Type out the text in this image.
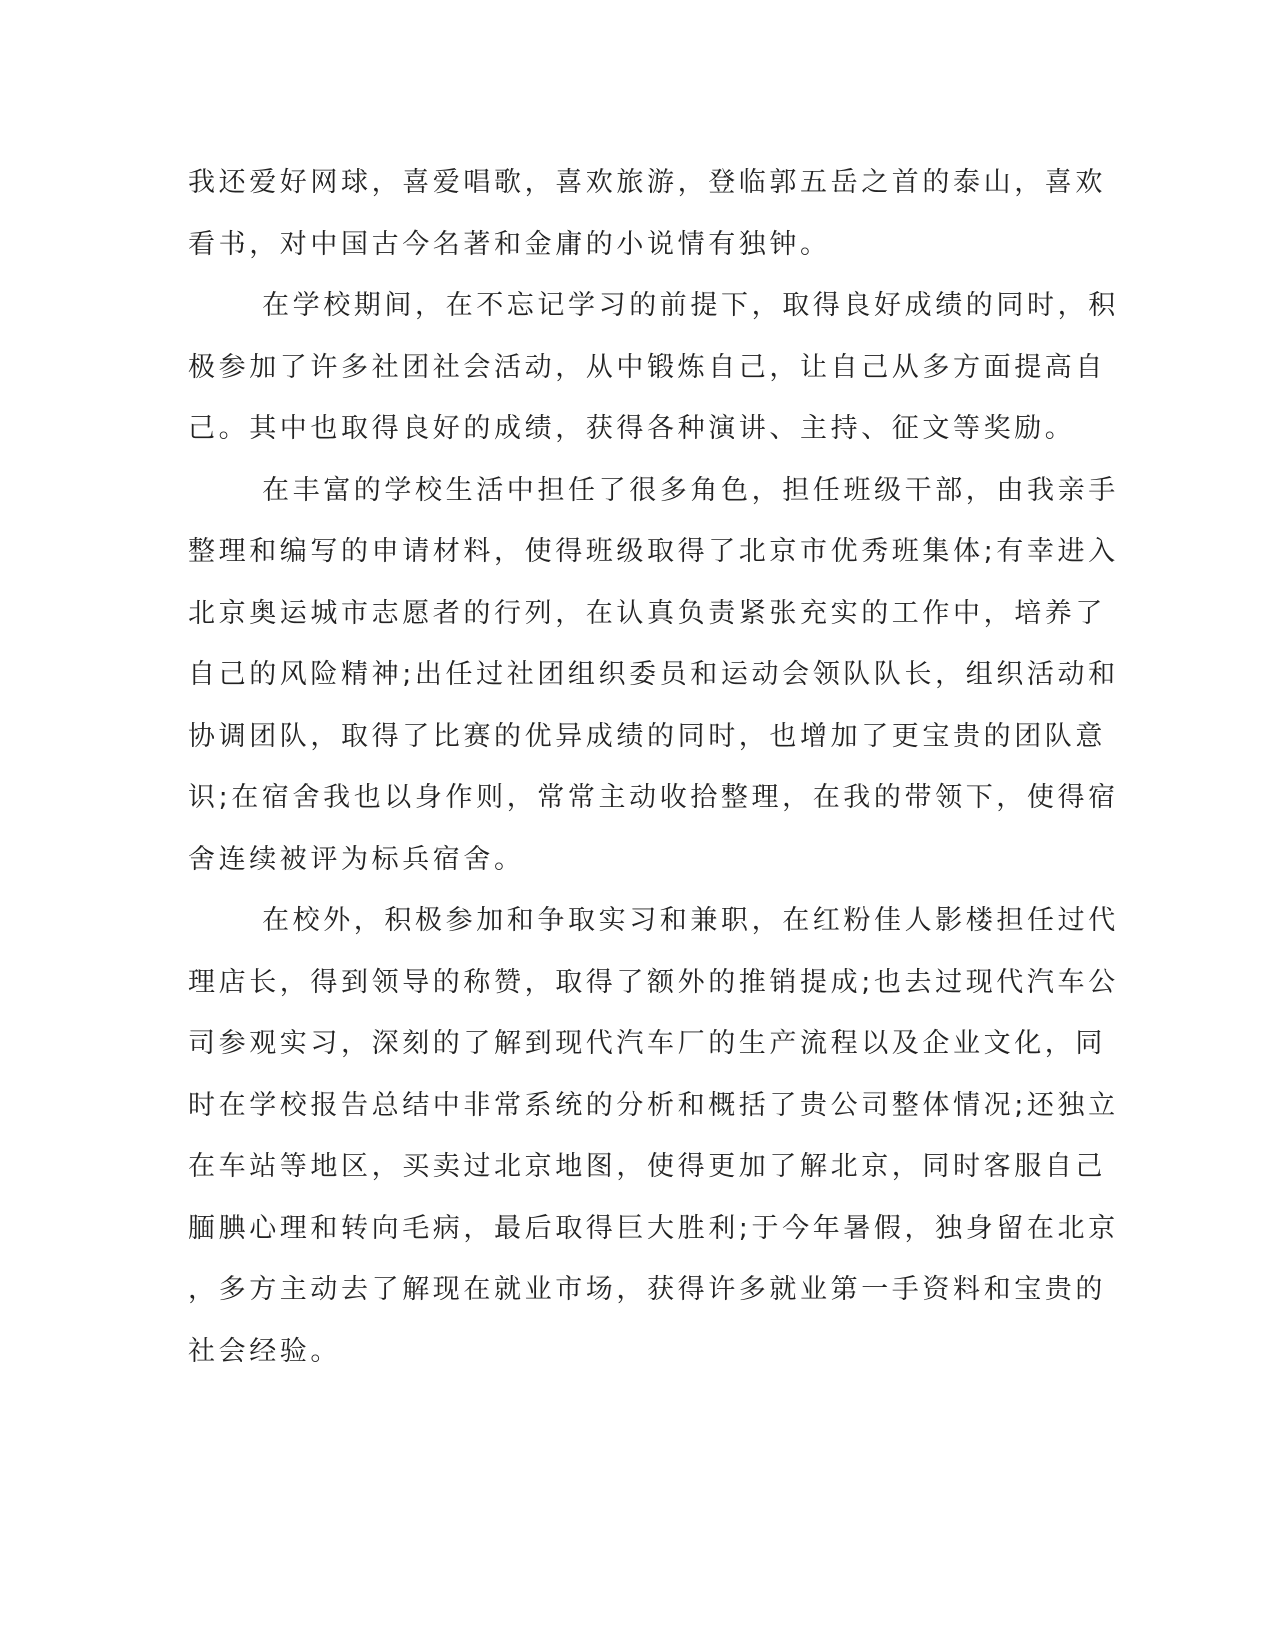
我还爱好网球，喜爱唱歌，喜欢旅游，登临郭五岳之首的泰山，喜欢
看书，对中国古今名著和金庸的小说情有独钟。
在学校期间，在不忘记学习的前提下，取得良好成绩的同时，积
极参加了许多社团社会活动，从中锻炼自己，让自己从多方面提高自
己。其中也取得良好的成绩，获得各种演讲、主持、征文等奖励。
在丰富的学校生活中担任了很多角色，担任班级干部，由我亲手
整理和编写的申请材料，使得班级取得了北京市优秀班集体;有幸进入
北京奥运城市志愿者的行列，在认真负责紧张充实的工作中，培养了
自己的风险精神;出任过社团组织委员和运动会领队队长，组织活动和
协调团队，取得了比赛的优异成绩的同时，也增加了更宝贵的团队意
识;在宿舍我也以身作则，常常主动收拾整理，在我的带领下，使得宿
舍连续被评为标兵宿舍。
在校外，积极参加和争取实习和兼职，在红粉佳人影楼担任过代
理店长，得到领导的称赞，取得了额外的推销提成;也去过现代汽车公
司参观实习，深刻的了解到现代汽车厂的生产流程以及企业文化，同
时在学校报告总结中非常系统的分析和概括了贵公司整体情况;还独立
在车站等地区，买卖过北京地图，使得更加了解北京，同时客服自己
腼腆心理和转向毛病，最后取得巨大胜利;于今年暑假，独身留在北京
，多方主动去了解现在就业市场，获得许多就业第一手资料和宝贵的
社会经验。
